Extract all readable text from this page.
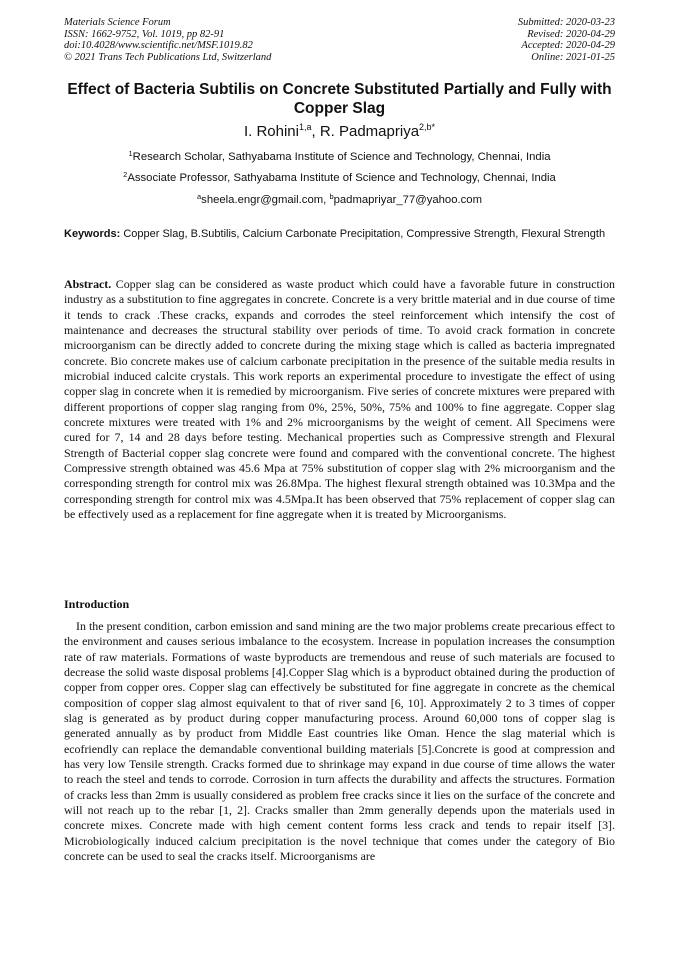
Materials Science Forum
ISSN: 1662-9752, Vol. 1019, pp 82-91
doi:10.4028/www.scientific.net/MSF.1019.82
© 2021 Trans Tech Publications Ltd, Switzerland
Submitted: 2020-03-23
Revised: 2020-04-29
Accepted: 2020-04-29
Online: 2021-01-25
Effect of Bacteria Subtilis on Concrete Substituted Partially and Fully with Copper Slag
I. Rohini$^{1,a}$, R. Padmapriya$^{2,b*}$
$^1$Research Scholar, Sathyabama Institute of Science and Technology, Chennai, India
$^2$Associate Professor, Sathyabama Institute of Science and Technology, Chennai, India
$^a$sheela.engr@gmail.com, $^b$padmapriyar_77@yahoo.com
Keywords: Copper Slag, B.Subtilis, Calcium Carbonate Precipitation, Compressive Strength, Flexural Strength
Abstract. Copper slag can be considered as waste product which could have a favorable future in construction industry as a substitution to fine aggregates in concrete. Concrete is a very brittle material and in due course of time it tends to crack .These cracks, expands and corrodes the steel reinforcement which intensify the cost of maintenance and decreases the structural stability over periods of time. To avoid crack formation in concrete microorganism can be directly added to concrete during the mixing stage which is called as bacteria impregnated concrete. Bio concrete makes use of calcium carbonate precipitation in the presence of the suitable media results in microbial induced calcite crystals. This work reports an experimental procedure to investigate the effect of using copper slag in concrete when it is remedied by microorganism. Five series of concrete mixtures were prepared with different proportions of copper slag ranging from 0%, 25%, 50%, 75% and 100% to fine aggregate. Copper slag concrete mixtures were treated with 1% and 2% microorganisms by the weight of cement. All Specimens were cured for 7, 14 and 28 days before testing. Mechanical properties such as Compressive strength and Flexural Strength of Bacterial copper slag concrete were found and compared with the conventional concrete. The highest Compressive strength obtained was 45.6 Mpa at 75% substitution of copper slag with 2% microorganism and the corresponding strength for control mix was 26.8Mpa. The highest flexural strength obtained was 10.3Mpa and the corresponding strength for control mix was 4.5Mpa.It has been observed that 75% replacement of copper slag can be effectively used as a replacement for fine aggregate when it is treated by Microorganisms.
Introduction
In the present condition, carbon emission and sand mining are the two major problems create precarious effect to the environment and causes serious imbalance to the ecosystem. Increase in population increases the consumption rate of raw materials. Formations of waste byproducts are tremendous and reuse of such materials are focused to decrease the solid waste disposal problems [4].Copper Slag which is a byproduct obtained during the production of copper from copper ores. Copper slag can effectively be substituted for fine aggregate in concrete as the chemical composition of copper slag almost equivalent to that of river sand [6, 10]. Approximately 2 to 3 times of copper slag is generated as by product during copper manufacturing process. Around 60,000 tons of copper slag is generated annually as by product from Middle East countries like Oman. Hence the slag material which is ecofriendly can replace the demandable conventional building materials [5].Concrete is good at compression and has very low Tensile strength. Cracks formed due to shrinkage may expand in due course of time allows the water to reach the steel and tends to corrode. Corrosion in turn affects the durability and affects the structures. Formation of cracks less than 2mm is usually considered as problem free cracks since it lies on the surface of the concrete and will not reach up to the rebar [1, 2]. Cracks smaller than 2mm generally depends upon the materials used in concrete mixes. Concrete made with high cement content forms less crack and tends to repair itself [3]. Microbiologically induced calcium precipitation is the novel technique that comes under the category of Bio concrete can be used to seal the cracks itself. Microorganisms are
